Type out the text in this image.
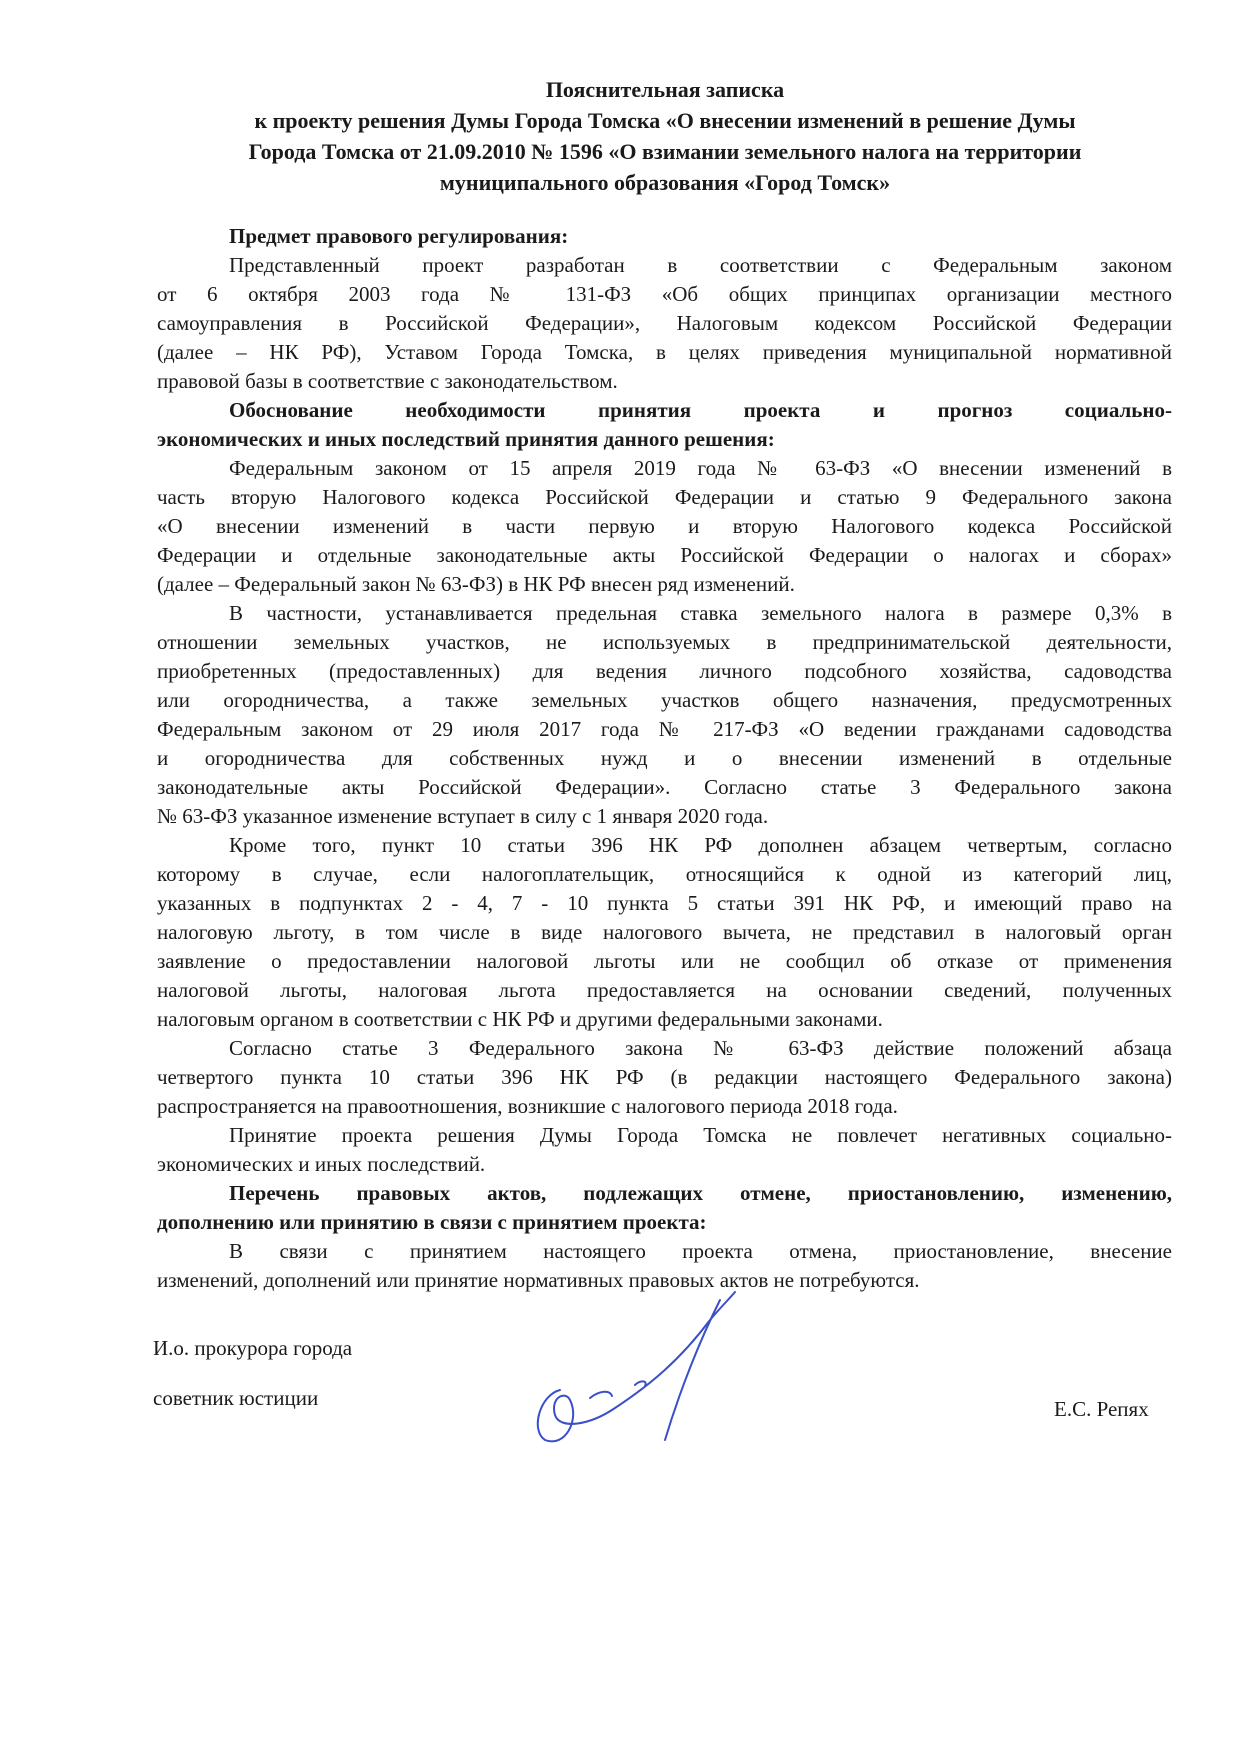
Пояснительная записка
к проекту решения Думы Города Томска «О внесении изменений в решение Думы
Города Томска от 21.09.2010 № 1596 «О взимании земельного налога на территории
муниципального образования «Город Томск»
Предмет правового регулирования:
Представленный проект разработан в соответствии с Федеральным законом
от 6 октября 2003 года № 131-ФЗ «Об общих принципах организации местного
самоуправления в Российской Федерации», Налоговым кодексом Российской Федерации
(далее – НК РФ), Уставом Города Томска, в целях приведения муниципальной нормативной
правовой базы в соответствие с законодательством.
Обоснование необходимости принятия проекта и прогноз социально-
экономических и иных последствий принятия данного решения:
Федеральным законом от 15 апреля 2019 года № 63-ФЗ «О внесении изменений в
часть вторую Налогового кодекса Российской Федерации и статью 9 Федерального закона
«О внесении изменений в части первую и вторую Налогового кодекса Российской
Федерации и отдельные законодательные акты Российской Федерации о налогах и сборах»
(далее – Федеральный закон № 63-ФЗ) в НК РФ внесен ряд изменений.
В частности, устанавливается предельная ставка земельного налога в размере 0,3% в
отношении земельных участков, не используемых в предпринимательской деятельности,
приобретенных (предоставленных) для ведения личного подсобного хозяйства, садоводства
или огородничества, а также земельных участков общего назначения, предусмотренных
Федеральным законом от 29 июля 2017 года № 217-ФЗ «О ведении гражданами садоводства
и огородничества для собственных нужд и о внесении изменений в отдельные
законодательные акты Российской Федерации». Согласно статье 3 Федерального закона
№ 63-ФЗ указанное изменение вступает в силу с 1 января 2020 года.
Кроме того, пункт 10 статьи 396 НК РФ дополнен абзацем четвертым, согласно
которому в случае, если налогоплательщик, относящийся к одной из категорий лиц,
указанных в подпунктах 2 - 4, 7 - 10 пункта 5 статьи 391 НК РФ, и имеющий право на
налоговую льготу, в том числе в виде налогового вычета, не представил в налоговый орган
заявление о предоставлении налоговой льготы или не сообщил об отказе от применения
налоговой льготы, налоговая льгота предоставляется на основании сведений, полученных
налоговым органом в соответствии с НК РФ и другими федеральными законами.
Согласно статье 3 Федерального закона № 63-ФЗ действие положений абзаца
четвертого пункта 10 статьи 396 НК РФ (в редакции настоящего Федерального закона)
распространяется на правоотношения, возникшие с налогового периода 2018 года.
Принятие проекта решения Думы Города Томска не повлечет негативных социально-
экономических и иных последствий.
Перечень правовых актов, подлежащих отмене, приостановлению, изменению,
дополнению или принятию в связи с принятием проекта:
В связи с принятием настоящего проекта отмена, приостановление, внесение
изменений, дополнений или принятие нормативных правовых актов не потребуются.
И.о. прокурора города
советник юстиции	Е.С. Репях
